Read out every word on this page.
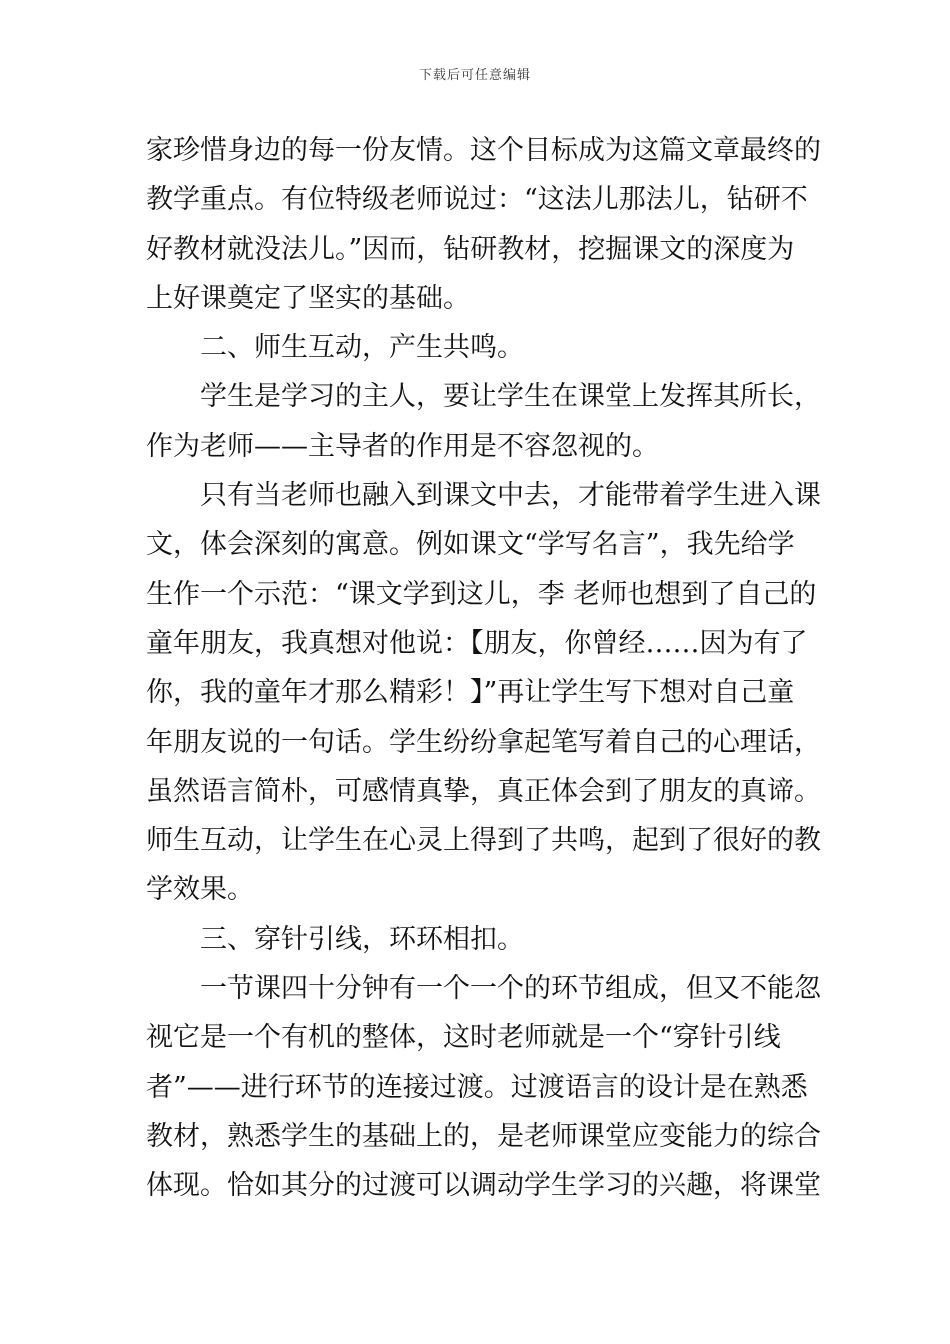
下载后可任意编辑
家珍惜身边的每一份友情。这个目标成为这篇文章最终的
教学重点。有位特级老师说过：“这法儿那法儿，钻研不
好教材就没法儿。”因而，钻研教材，挖掘课文的深度为
上好课奠定了坚实的基础。
二、师生互动，产生共鸣。
学生是学习的主人，要让学生在课堂上发挥其所长，
作为老师——主导者的作用是不容忽视的。
只有当老师也融入到课文中去，才能带着学生进入课
文，体会深刻的寓意。例如课文“学写名言”，我先给学
生作一个示范：“课文学到这儿，李 老师也想到了自己的
童年朋友，我真想对他说：【朋友，你曾经……因为有了
你，我的童年才那么精彩！】”再让学生写下想对自己童
年朋友说的一句话。学生纷纷拿起笔写着自己的心理话，
虽然语言简朴，可感情真挚，真正体会到了朋友的真谛。
师生互动，让学生在心灵上得到了共鸣，起到了很好的教
学效果。
三、穿针引线，环环相扣。
一节课四十分钟有一个一个的环节组成，但又不能忽
视它是一个有机的整体，这时老师就是一个“穿针引线
者”——进行环节的连接过渡。过渡语言的设计是在熟悉
教材，熟悉学生的基础上的，是老师课堂应变能力的综合
体现。恰如其分的过渡可以调动学生学习的兴趣，将课堂
